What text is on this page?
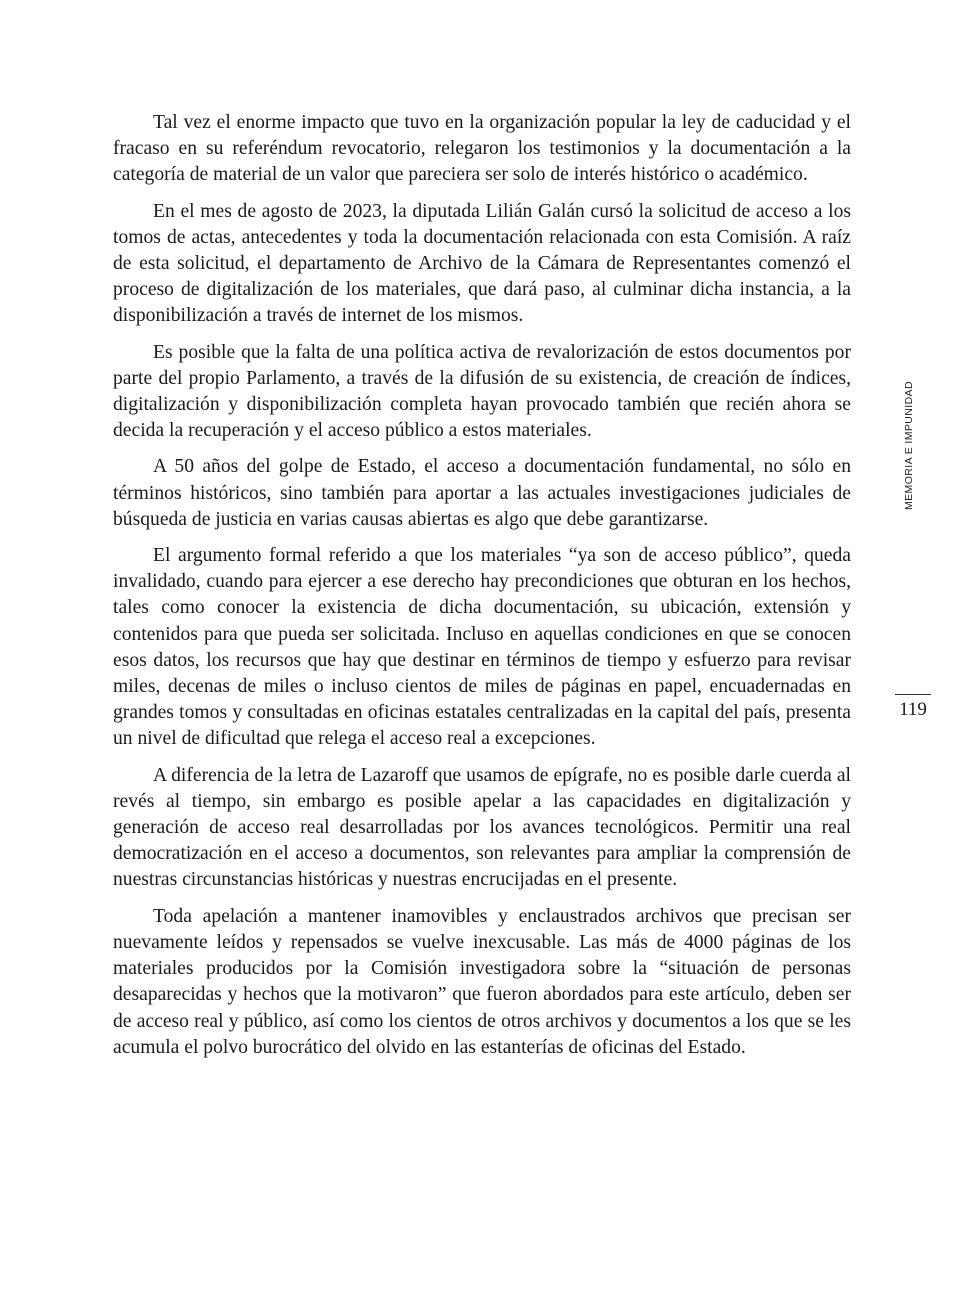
Tal vez el enorme impacto que tuvo en la organización popular la ley de caducidad y el fracaso en su referéndum revocatorio, relegaron los testimonios y la documentación a la categoría de material de un valor que pareciera ser solo de interés histórico o académico.

En el mes de agosto de 2023, la diputada Lilián Galán cursó la solicitud de acceso a los tomos de actas, antecedentes y toda la documentación relacionada con esta Comisión. A raíz de esta solicitud, el departamento de Archivo de la Cámara de Representantes comenzó el proceso de digitalización de los materiales, que dará paso, al culminar dicha instancia, a la disponibilización a través de internet de los mismos.

Es posible que la falta de una política activa de revalorización de estos documentos por parte del propio Parlamento, a través de la difusión de su existencia, de creación de índices, digitalización y disponibilización completa hayan provocado también que recién ahora se decida la recuperación y el acceso público a estos materiales.

A 50 años del golpe de Estado, el acceso a documentación fundamental, no sólo en términos históricos, sino también para aportar a las actuales investigaciones judiciales de búsqueda de justicia en varias causas abiertas es algo que debe garantizarse.

El argumento formal referido a que los materiales “ya son de acceso público”, queda invalidado, cuando para ejercer a ese derecho hay precondiciones que obturan en los hechos, tales como conocer la existencia de dicha documentación, su ubicación, extensión y contenidos para que pueda ser solicitada. Incluso en aquellas condiciones en que se conocen esos datos, los recursos que hay que destinar en términos de tiempo y esfuerzo para revisar miles, decenas de miles o incluso cientos de miles de páginas en papel, encuadernadas en grandes tomos y consultadas en oficinas estatales centralizadas en la capital del país, presenta un nivel de dificultad que relega el acceso real a excepciones.

A diferencia de la letra de Lazaroff que usamos de epígrafe, no es posible darle cuerda al revés al tiempo, sin embargo es posible apelar a las capacidades en digitalización y generación de acceso real desarrolladas por los avances tecnológicos. Permitir una real democratización en el acceso a documentos, son relevantes para ampliar la comprensión de nuestras circunstancias históricas y nuestras encrucijadas en el presente.

Toda apelación a mantener inamovibles y enclaustrados archivos que precisan ser nuevamente leídos y repensados se vuelve inexcusable. Las más de 4000 páginas de los materiales producidos por la Comisión investigadora sobre la “situación de personas desaparecidas y hechos que la motivaron” que fueron abordados para este artículo, deben ser de acceso real y público, así como los cientos de otros archivos y documentos a los que se les acumula el polvo burocrático del olvido en las estanterías de oficinas del Estado.

MEMORIA E IMPUNIDAD
119
